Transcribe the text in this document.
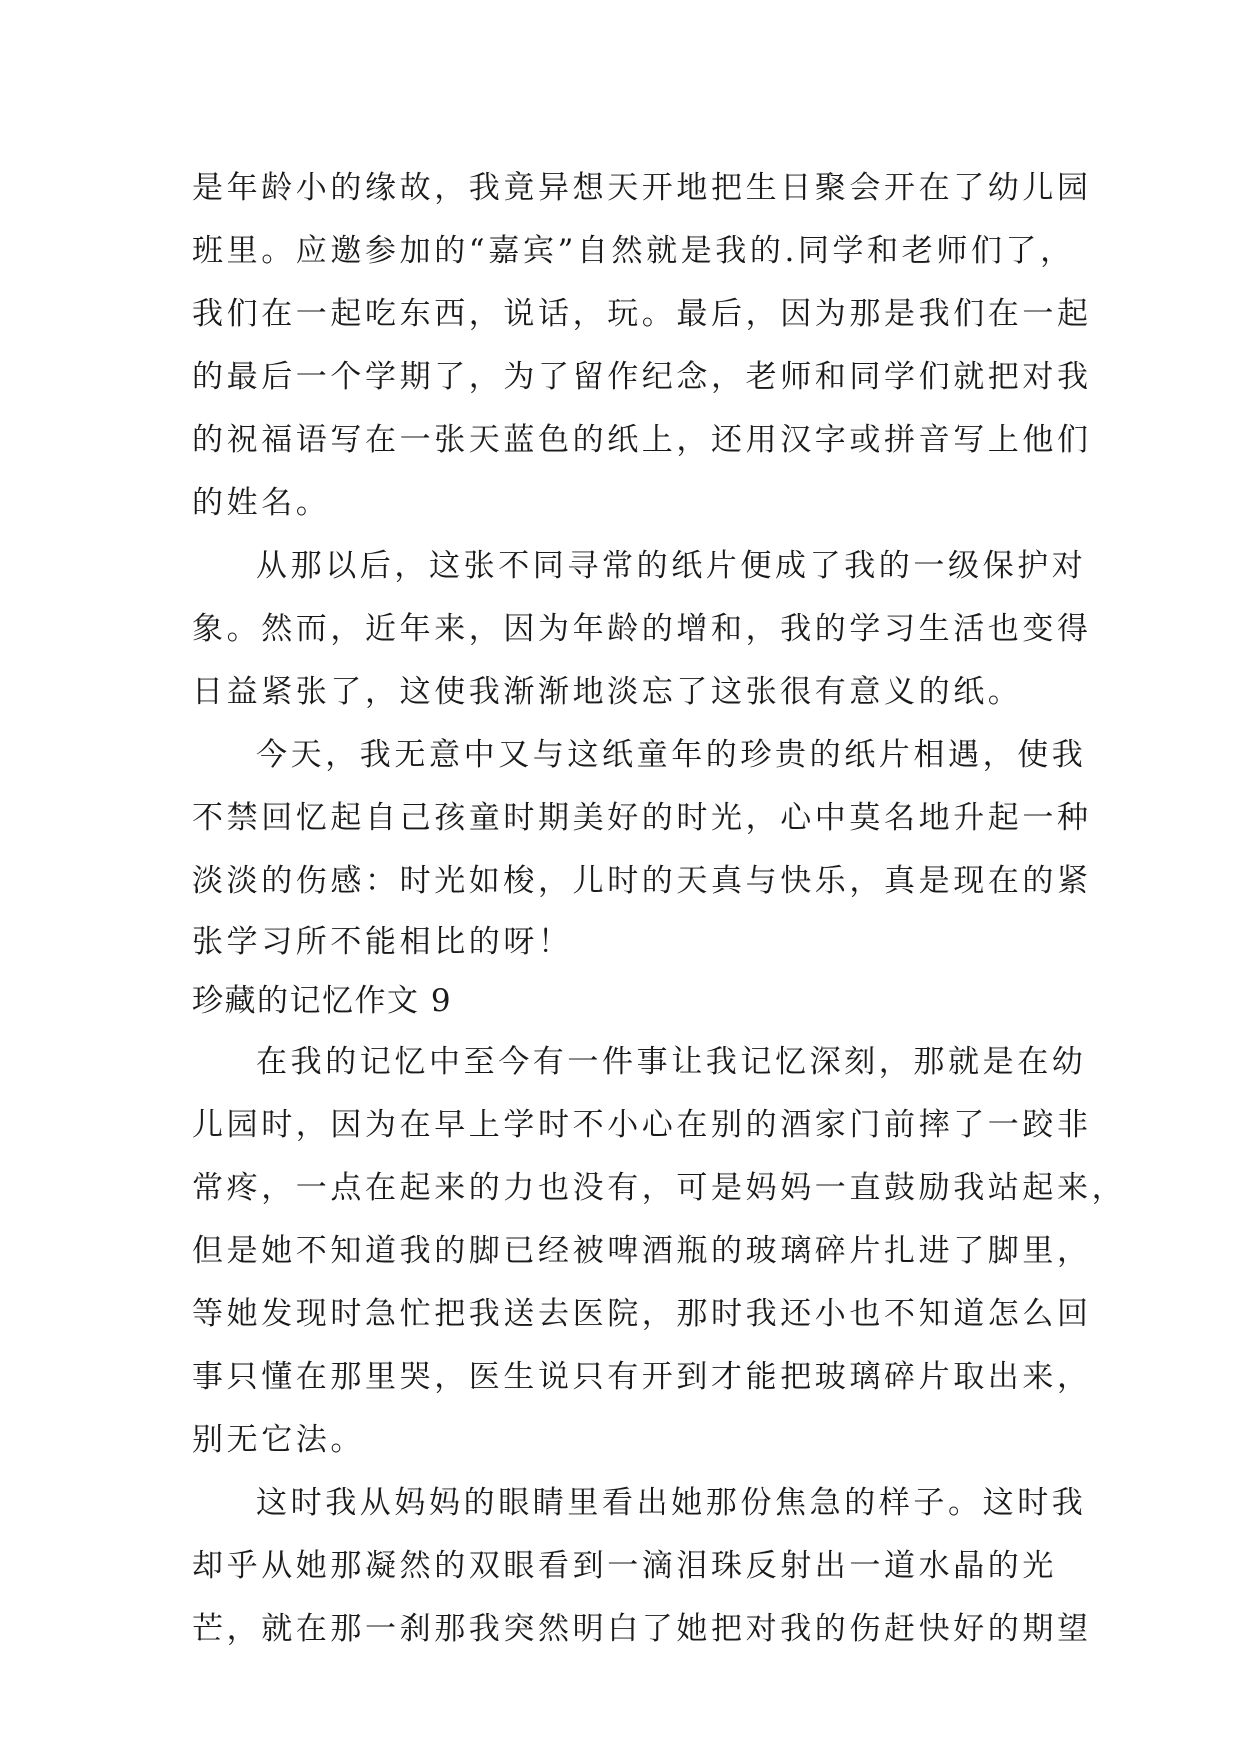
是年龄小的缘故，我竟异想天开地把生日聚会开在了幼儿园
班里。应邀参加的“嘉宾”自然就是我的.同学和老师们了，
我们在一起吃东西，说话，玩。最后，因为那是我们在一起
的最后一个学期了，为了留作纪念，老师和同学们就把对我
的祝福语写在一张天蓝色的纸上，还用汉字或拼音写上他们
的姓名。
从那以后，这张不同寻常的纸片便成了我的一级保护对
象。然而，近年来，因为年龄的增和，我的学习生活也变得
日益紧张了，这使我渐渐地淡忘了这张很有意义的纸。
今天，我无意中又与这纸童年的珍贵的纸片相遇，使我
不禁回忆起自己孩童时期美好的时光，心中莫名地升起一种
淡淡的伤感：时光如梭，儿时的天真与快乐，真是现在的紧
张学习所不能相比的呀！
珍藏的记忆作文 9
在我的记忆中至今有一件事让我记忆深刻，那就是在幼
儿园时，因为在早上学时不小心在别的酒家门前摔了一跤非
常疼，一点在起来的力也没有，可是妈妈一直鼓励我站起来，
但是她不知道我的脚已经被啤酒瓶的玻璃碎片扎进了脚里，
等她发现时急忙把我送去医院，那时我还小也不知道怎么回
事只懂在那里哭，医生说只有开到才能把玻璃碎片取出来，
别无它法。
这时我从妈妈的眼睛里看出她那份焦急的样子。这时我
却乎从她那凝然的双眼看到一滴泪珠反射出一道水晶的光
芒，就在那一刹那我突然明白了她把对我的伤赶快好的期望
